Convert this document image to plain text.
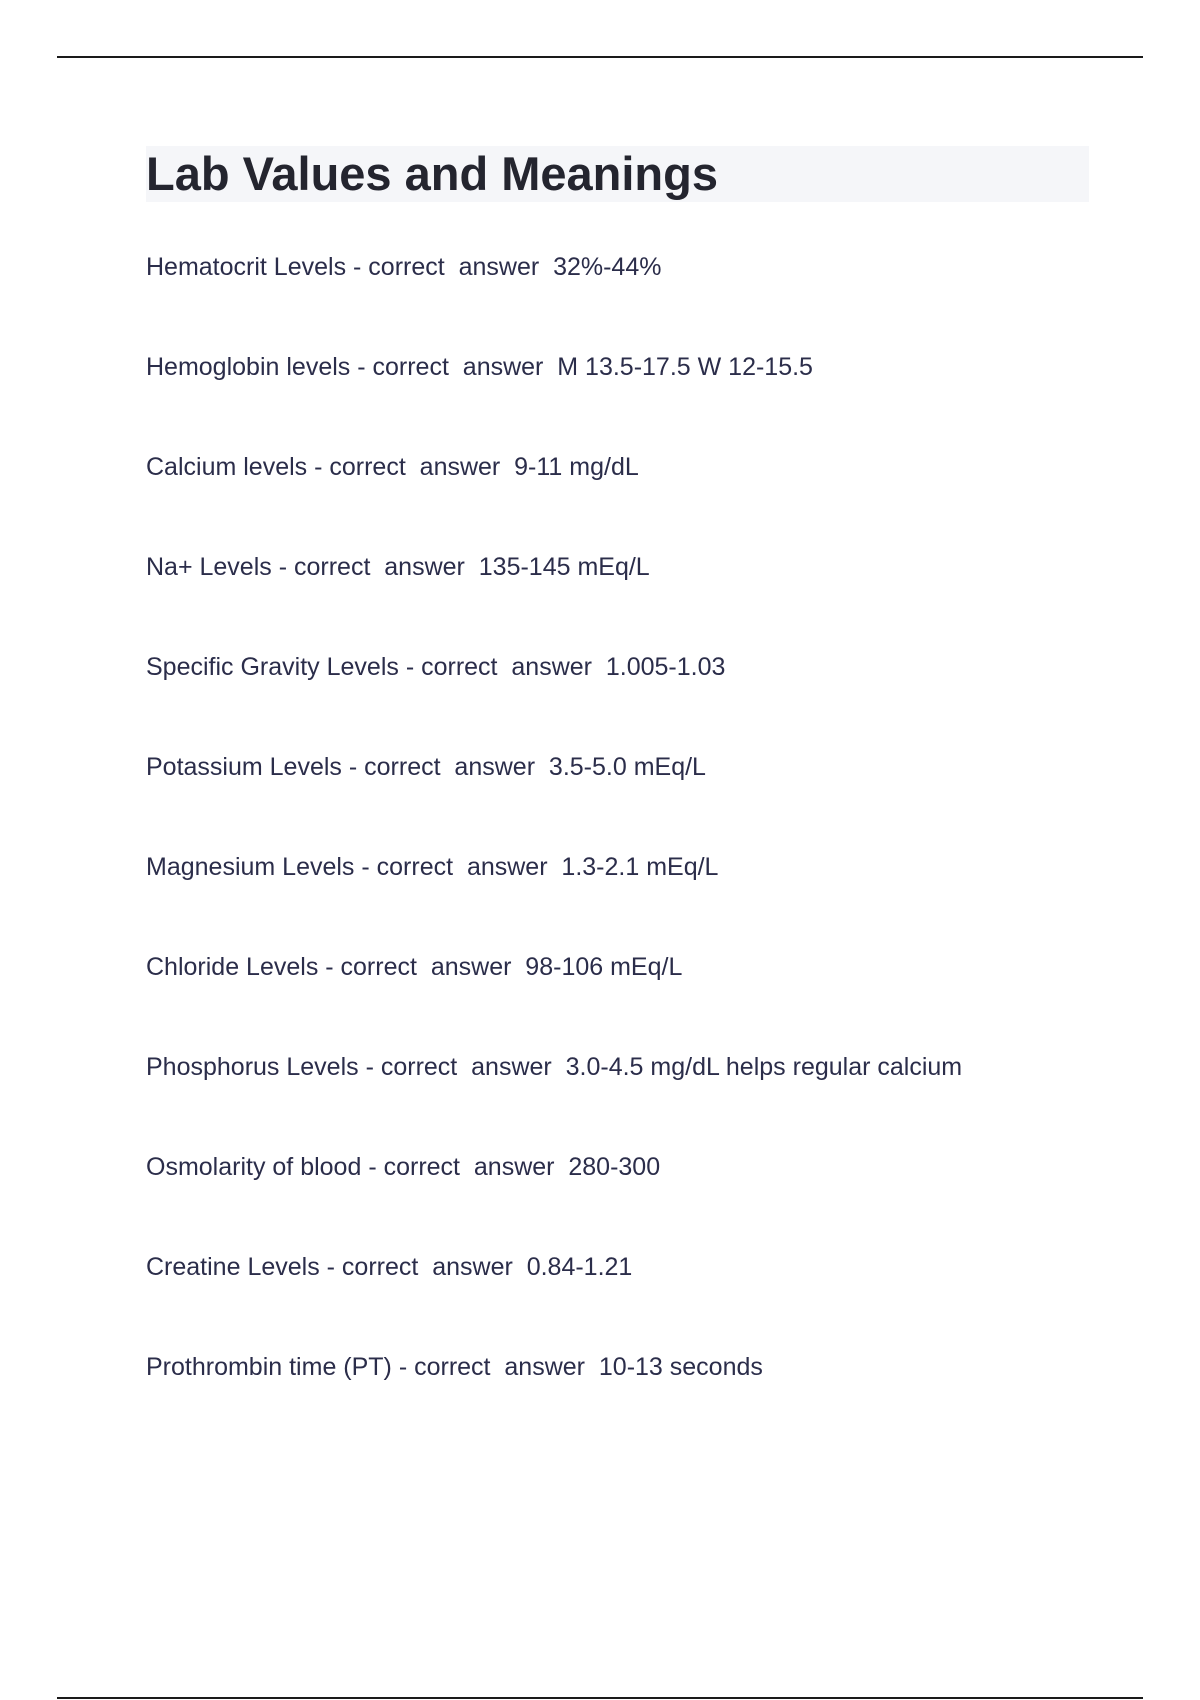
Lab Values and Meanings
Hematocrit Levels - correct  answer  32%-44%
Hemoglobin levels - correct  answer  M 13.5-17.5 W 12-15.5
Calcium levels - correct  answer  9-11 mg/dL
Na+ Levels - correct  answer  135-145 mEq/L
Specific Gravity Levels - correct  answer  1.005-1.03
Potassium Levels - correct  answer  3.5-5.0 mEq/L
Magnesium Levels - correct  answer  1.3-2.1 mEq/L
Chloride Levels - correct  answer  98-106 mEq/L
Phosphorus Levels - correct  answer  3.0-4.5 mg/dL helps regular calcium
Osmolarity of blood - correct  answer  280-300
Creatine Levels - correct  answer  0.84-1.21
Prothrombin time (PT) - correct  answer  10-13 seconds
